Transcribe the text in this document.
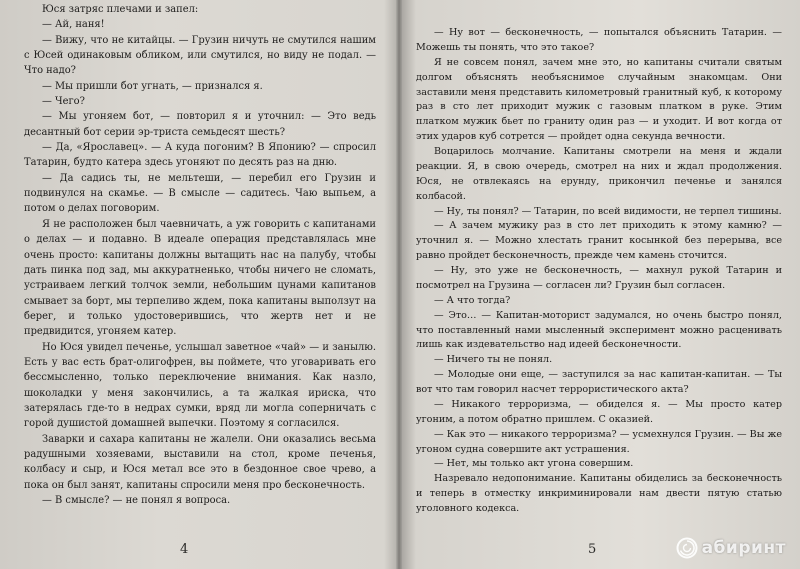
Юся затряс плечами и запел:

— Ай, наня!

— Вижу, что не китайцы. — Грузин ничуть не смутился нашим с Юсей одинаковым обликом, или смутился, но виду не подал. — Что надо?

— Мы пришли бот угнать, — признался я.

— Чего?

— Мы угоняем бот, — повторил я и уточнил: — Это ведь десантный бот серии эр-триста семьдесят шесть?

— Да, «Ярославец». — А куда погоним? В Японию? — спросил Татарин, будто катера здесь угоняют по десять раз на дню.

— Да садись ты, не мельтеши, — перебил его Грузин и подвинулся на скамье. — В смысле — садитесь. Чаю выпьем, а потом о делах поговорим.

Я не расположен был чаевничать, а уж говорить с капитанами о делах — и подавно. В идеале операция представлялась мне очень просто: капитаны должны вытащить нас на палубу, чтобы дать пинка под зад, мы аккуратненько, чтобы ничего не сломать, устраиваем легкий толчок земли, небольшим цунами капитанов смывает за борт, мы терпеливо ждем, пока капитаны выползут на берег, и только удостоверившись, что жертв нет и не предвидится, угоняем катер.

Но Юся увидел печенье, услышал заветное «чай» — и занылю. Есть у вас есть брат-олигофрен, вы поймете, что уговаривать его бессмысленно, только переключение внимания. Как назло, шоколадки у меня закончились, а та жалкая ириска, что затерялась где-то в недрах сумки, вряд ли могла соперничать с горой душистой домашней выпечки. Поэтому я согласился.

Заварки и сахара капитаны не жалели. Они оказались весьма радушными хозяевами, выставили на стол, кроме печенья, колбасу и сыр, и Юся метал все это в бездонное свое чрево, а пока он был занят, капитаны спросили меня про бесконечность.

— В смысле? — не понял я вопроса.

4

— Ну вот — бесконечность, — попытался объяснить Татарин. — Можешь ты понять, что это такое?

Я не совсем понял, зачем мне это, но капитаны считали святым долгом объяснять необъяснимое случайным знакомцам. Они заставили меня представить километровый гранитный куб, к которому раз в сто лет приходит мужик с газовым платком в руке. Этим платком мужик бьет по граниту один раз — и уходит. И вот когда от этих ударов куб сотрется — пройдет одна секунда вечности.

Воцарилось молчание. Капитаны смотрели на меня и ждали реакции. Я, в свою очередь, смотрел на них и ждал продолжения. Юся, не отвлекаясь на ерунду, прикончил печенье и занялся колбасой.

— Ну, ты понял? — Татарин, по всей видимости, не терпел тишины.

— А зачем мужику раз в сто лет приходить к этому камню? — уточнил я. — Можно хлестать гранит косынкой без перерыва, все равно пройдет бесконечность, прежде чем камень сточится.

— Ну, это уже не бесконечность, — махнул рукой Татарин и посмотрел на Грузина — согласен ли? Грузин был согласен.

— А что тогда?

— Это… — Капитан-моторист задумался, но очень быстро понял, что поставленный нами мысленный эксперимент можно расценивать лишь как издевательство над идеей бесконечности.

— Ничего ты не понял.

— Молодые они еще, — заступился за нас капитан-капитан. — Ты вот что там говорил насчет террористического акта?

— Никакого терроризма, — обиделся я. — Мы просто катер угоним, а потом обратно пришлем. С оказией.

— Как это — никакого терроризма? — усмехнулся Грузин. — Вы же угоном судна совершите акт устрашения.

— Нет, мы только акт угона совершим.

Назревало недопонимание. Капитаны обиделись за бесконечность и теперь в отместку инкриминировали нам двести пятую статью уголовного кодекса.

5	абиринт
